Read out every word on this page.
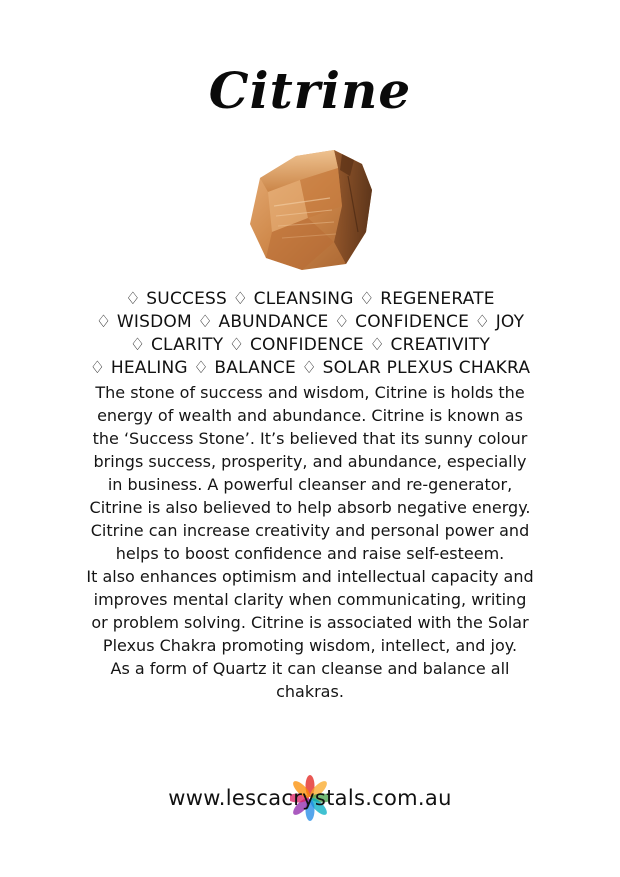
Citrine
♢ SUCCESS ♢ CLEANSING ♢ REGENERATE
♢ WISDOM ♢ ABUNDANCE ♢ CONFIDENCE ♢ JOY
♢ CLARITY ♢ CONFIDENCE ♢ CREATIVITY
♢ HEALING ♢ BALANCE ♢ SOLAR PLEXUS CHAKRA

The stone of success and wisdom, Citrine is holds the

energy of wealth and abundance. Citrine is known as

the ‘Success Stone’. It’s believed that its sunny colour

brings success, prosperity, and abundance, especially

in business. A powerful cleanser and re-generator,

Citrine is also believed to help absorb negative energy.

Citrine can increase creativity and personal power and

helps to boost confidence and raise self-esteem.

It also enhances optimism and intellectual capacity and

improves mental clarity when communicating, writing

or problem solving. Citrine is associated with the Solar

Plexus Chakra promoting wisdom, intellect, and joy.

As a form of Quartz it can cleanse and balance all

chakras.

www.lescacrystals.com.au
